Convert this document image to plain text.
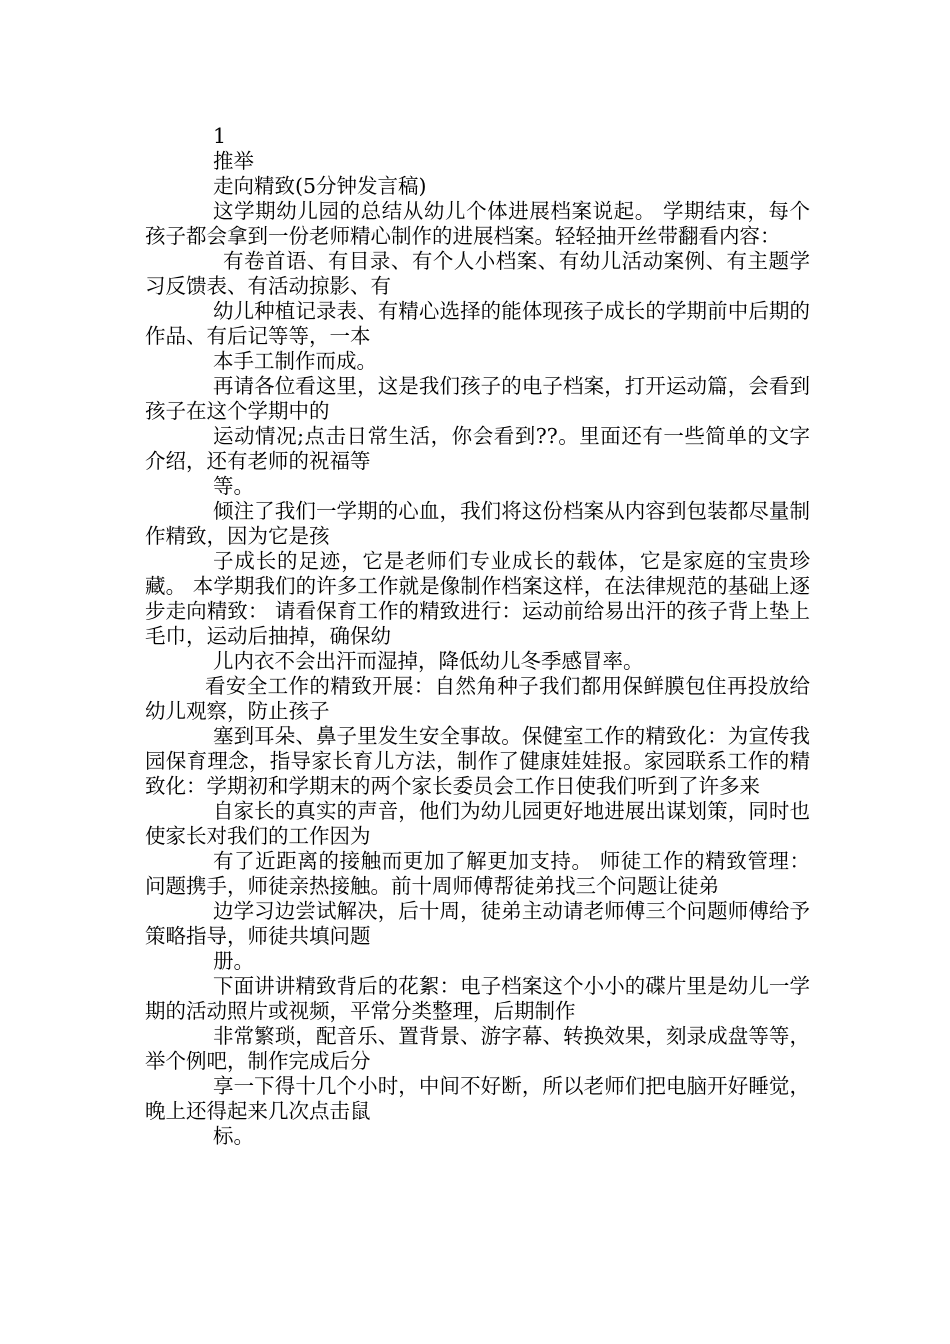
1

推举

走向精致(5分钟发言稿)

这学期幼儿园的总结从幼儿个体进展档案说起。 学期结束，每个孩子都会拿到一份老师精心制作的进展档案。轻轻抽开丝带翻看内容：

有卷首语、有目录、有个人小档案、有幼儿活动案例、有主题学习反馈表、有活动掠影、有

幼儿种植记录表、有精心选择的能体现孩子成长的学期前中后期的作品、有后记等等，一本

本手工制作而成。

再请各位看这里，这是我们孩子的电子档案，打开运动篇，会看到孩子在这个学期中的

运动情况;点击日常生活，你会看到??。里面还有一些简单的文字介绍，还有老师的祝福等

等。

倾注了我们一学期的心血，我们将这份档案从内容到包装都尽量制作精致，因为它是孩

子成长的足迹，它是老师们专业成长的载体，它是家庭的宝贵珍藏。 本学期我们的许多工作就是像制作档案这样，在法律规范的基础上逐步走向精致： 请看保育工作的精致进行：运动前给易出汗的孩子背上垫上毛巾，运动后抽掉，确保幼

儿内衣不会出汗而湿掉，降低幼儿冬季感冒率。

看安全工作的精致开展：自然角种子我们都用保鲜膜包住再投放给幼儿观察，防止孩子

塞到耳朵、鼻子里发生安全事故。保健室工作的精致化：为宣传我园保育理念，指导家长育儿方法，制作了健康娃娃报。家园联系工作的精致化：学期初和学期末的两个家长委员会工作日使我们听到了许多来

自家长的真实的声音，他们为幼儿园更好地进展出谋划策，同时也使家长对我们的工作因为

有了近距离的接触而更加了解更加支持。 师徒工作的精致管理：问题携手，师徒亲热接触。前十周师傅帮徒弟找三个问题让徒弟

边学习边尝试解决，后十周，徒弟主动请老师傅三个问题师傅给予策略指导，师徒共填问题

册。

下面讲讲精致背后的花絮：电子档案这个小小的碟片里是幼儿一学期的活动照片或视频，平常分类整理，后期制作

非常繁琐，配音乐、置背景、游字幕、转换效果，刻录成盘等等，举个例吧，制作完成后分

享一下得十几个小时，中间不好断，所以老师们把电脑开好睡觉，晚上还得起来几次点击鼠

标。
